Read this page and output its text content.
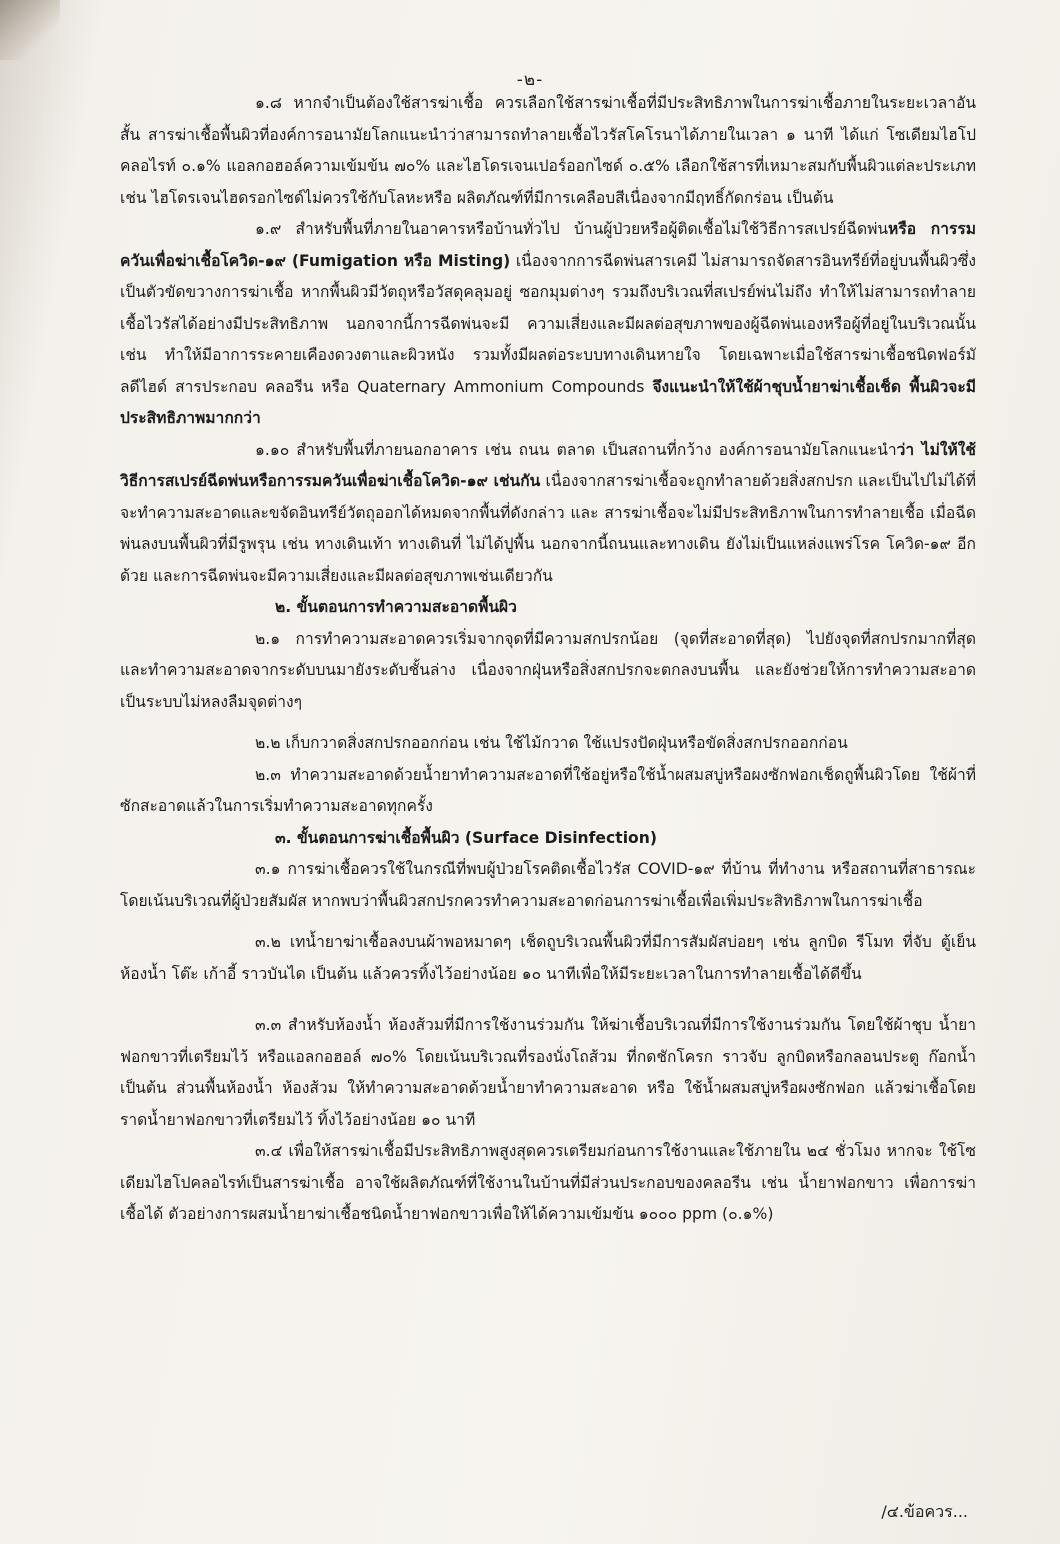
-๒-

๑.๘ หากจำเป็นต้องใช้สารฆ่าเชื้อ ควรเลือกใช้สารฆ่าเชื้อที่มีประสิทธิภาพในการฆ่าเชื้อภายในระยะเวลาอันสั้น สารฆ่าเชื้อพื้นผิวที่องค์การอนามัยโลกแนะนำว่าสามารถทำลายเชื้อไวรัสโคโรนาได้ภายในเวลา ๑ นาที ได้แก่ โซเดียมไฮโปคลอไรท์ ๐.๑% แอลกอฮอล์ความเข้มข้น ๗๐% และไฮโดรเจนเปอร์ออกไซด์ ๐.๕% เลือกใช้สารที่เหมาะสมกับพื้นผิวแต่ละประเภท เช่น ไฮโดรเจนไฮดรอกไซด์ไม่ควรใช้กับโลหะหรือ ผลิตภัณฑ์ที่มีการเคลือบสีเนื่องจากมีฤทธิ์กัดกร่อน เป็นต้น

๑.๙ สำหรับพื้นที่ภายในอาคารหรือบ้านทั่วไป บ้านผู้ป่วยหรือผู้ติดเชื้อไม่ใช้วิธีการสเปรย์ฉีดพ่นหรือ การรมควันเพื่อฆ่าเชื้อโควิด-๑๙ (Fumigation หรือ Misting) เนื่องจากการฉีดพ่นสารเคมี ไม่สามารถจัดสารอินทรีย์ที่อยู่บนพื้นผิวซึ่งเป็นตัวขัดขวางการฆ่าเชื้อ หากพื้นผิวมีวัตถุหรือวัสดุคลุมอยู่ ซอกมุมต่างๆ รวมถึงบริเวณที่สเปรย์พ่นไม่ถึง ทำให้ไม่สามารถทำลายเชื้อไวรัสได้อย่างมีประสิทธิภาพ นอกจากนี้การฉีดพ่นจะมี ความเสี่ยงและมีผลต่อสุขภาพของผู้ฉีดพ่นเองหรือผู้ที่อยู่ในบริเวณนั้น เช่น ทำให้มีอาการระคายเคืองดวงตาและผิวหนัง รวมทั้งมีผลต่อระบบทางเดินหายใจ โดยเฉพาะเมื่อใช้สารฆ่าเชื้อชนิดฟอร์มัลดีไฮด์ สารประกอบ คลอรีน หรือ Quaternary Ammonium Compounds จึงแนะนำให้ใช้ผ้าชุบน้ำยาฆ่าเชื้อเช็ด พื้นผิวจะมีประสิทธิภาพมากกว่า

๑.๑๐ สำหรับพื้นที่ภายนอกอาคาร เช่น ถนน ตลาด เป็นสถานที่กว้าง องค์การอนามัยโลกแนะนำว่า ไม่ให้ใช้วิธีการสเปรย์ฉีดพ่นหรือการรมควันเพื่อฆ่าเชื้อโควิด-๑๙ เช่นกัน เนื่องจากสารฆ่าเชื้อจะถูกทำลายด้วยสิ่งสกปรก และเป็นไปไม่ได้ที่จะทำความสะอาดและขจัดอินทรีย์วัตถุออกได้หมดจากพื้นที่ดังกล่าว และ สารฆ่าเชื้อจะไม่มีประสิทธิภาพในการทำลายเชื้อ เมื่อฉีดพ่นลงบนพื้นผิวที่มีรูพรุน เช่น ทางเดินเท้า ทางเดินที่ ไม่ได้ปูพื้น นอกจากนี้ถนนและทางเดิน ยังไม่เป็นแหล่งแพร่โรค โควิด-๑๙ อีกด้วย และการฉีดพ่นจะมีความเสี่ยงและมีผลต่อสุขภาพเช่นเดียวกัน

๒. ขั้นตอนการทำความสะอาดพื้นผิว

๒.๑ การทำความสะอาดควรเริ่มจากจุดที่มีความสกปรกน้อย (จุดที่สะอาดที่สุด) ไปยังจุดที่สกปรกมากที่สุด และทำความสะอาดจากระดับบนมายังระดับชั้นล่าง เนื่องจากฝุ่นหรือสิ่งสกปรกจะตกลงบนพื้น และยังช่วยให้การทำความสะอาดเป็นระบบไม่หลงลืมจุดต่างๆ

๒.๒ เก็บกวาดสิ่งสกปรกออกก่อน เช่น ใช้ไม้กวาด ใช้แปรงปัดฝุ่นหรือขัดสิ่งสกปรกออกก่อน

๒.๓ ทำความสะอาดด้วยน้ำยาทำความสะอาดที่ใช้อยู่หรือใช้น้ำผสมสบู่หรือผงซักฟอกเช็ดถูพื้นผิวโดย ใช้ผ้าที่ซักสะอาดแล้วในการเริ่มทำความสะอาดทุกครั้ง

๓. ขั้นตอนการฆ่าเชื้อพื้นผิว (Surface Disinfection)

๓.๑ การฆ่าเชื้อควรใช้ในกรณีที่พบผู้ป่วยโรคติดเชื้อไวรัส COVID-๑๙ ที่บ้าน ที่ทำงาน หรือสถานที่สาธารณะ โดยเน้นบริเวณที่ผู้ป่วยสัมผัส หากพบว่าพื้นผิวสกปรกควรทำความสะอาดก่อนการฆ่าเชื้อเพื่อเพิ่มประสิทธิภาพในการฆ่าเชื้อ

๓.๒ เทน้ำยาฆ่าเชื้อลงบนผ้าพอหมาดๆ เช็ดถูบริเวณพื้นผิวที่มีการสัมผัสบ่อยๆ เช่น ลูกบิด รีโมท ที่จับ ตู้เย็น ห้องน้ำ โต๊ะ เก้าอี้ ราวบันได เป็นต้น แล้วควรทิ้งไว้อย่างน้อย ๑๐ นาทีเพื่อให้มีระยะเวลาในการทำลายเชื้อได้ดีขึ้น

๓.๓ สำหรับห้องน้ำ ห้องส้วมที่มีการใช้งานร่วมกัน ให้ฆ่าเชื้อบริเวณที่มีการใช้งานร่วมกัน โดยใช้ผ้าชุบ น้ำยาฟอกขาวที่เตรียมไว้ หรือแอลกอฮอล์ ๗๐% โดยเน้นบริเวณที่รองนั่งโถส้วม ที่กดชักโครก ราวจับ ลูกบิดหรือกลอนประตู ก๊อกน้ำ เป็นต้น ส่วนพื้นห้องน้ำ ห้องส้วม ให้ทำความสะอาดด้วยน้ำยาทำความสะอาด หรือ ใช้น้ำผสมสบู่หรือผงซักฟอก แล้วฆ่าเชื้อโดยราดน้ำยาฟอกขาวที่เตรียมไว้ ทิ้งไว้อย่างน้อย ๑๐ นาที

๓.๔ เพื่อให้สารฆ่าเชื้อมีประสิทธิภาพสูงสุดควรเตรียมก่อนการใช้งานและใช้ภายใน ๒๔ ชั่วโมง หากจะ ใช้โซเดียมไฮโปคลอไรท์เป็นสารฆ่าเชื้อ อาจใช้ผลิตภัณฑ์ที่ใช้งานในบ้านที่มีส่วนประกอบของคลอรีน เช่น น้ำยาฟอกขาว เพื่อการฆ่าเชื้อได้ ตัวอย่างการผสมน้ำยาฆ่าเชื้อชนิดน้ำยาฟอกขาวเพื่อให้ได้ความเข้มข้น ๑๐๐๐ ppm (๐.๑%)

/๔.ข้อควร...
